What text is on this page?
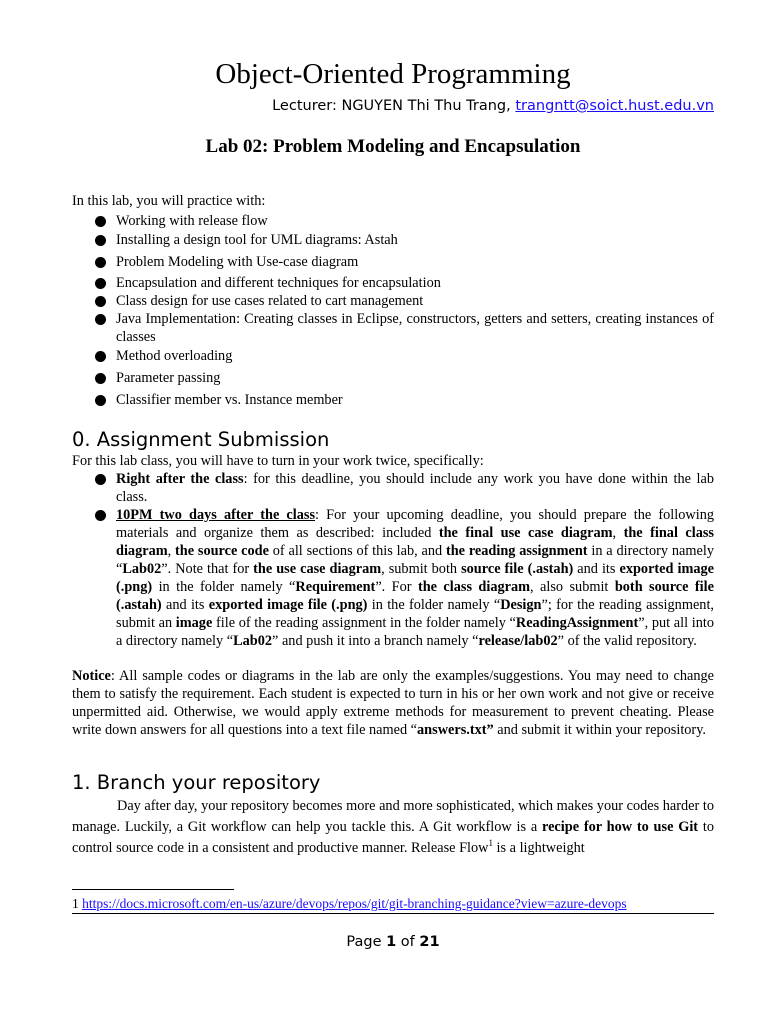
Object-Oriented Programming
Lecturer: NGUYEN Thi Thu Trang, trangntt@soict.hust.edu.vn
Lab 02: Problem Modeling and Encapsulation
In this lab, you will practice with:
Working with release flow
Installing a design tool for UML diagrams: Astah
Problem Modeling with Use-case diagram
Encapsulation and different techniques for encapsulation
Class design for use cases related to cart management
Java Implementation: Creating classes in Eclipse, constructors, getters and setters, creating instances of classes
Method overloading
Parameter passing
Classifier member vs. Instance member
0. Assignment Submission
For this lab class, you will have to turn in your work twice, specifically:
Right after the class: for this deadline, you should include any work you have done within the lab class.
10PM two days after the class: For your upcoming deadline, you should prepare the following materials and organize them as described: included the final use case diagram, the final class diagram, the source code of all sections of this lab, and the reading assignment in a directory namely “Lab02”. Note that for the use case diagram, submit both source file (.astah) and its exported image (.png) in the folder namely “Requirement”. For the class diagram, also submit both source file (.astah) and its exported image file (.png) in the folder namely “Design”; for the reading assignment, submit an image file of the reading assignment in the folder namely “ReadingAssignment”, put all into a directory namely “Lab02” and push it into a branch namely “release/lab02” of the valid repository.
Notice: All sample codes or diagrams in the lab are only the examples/suggestions. You may need to change them to satisfy the requirement. Each student is expected to turn in his or her own work and not give or receive unpermitted aid. Otherwise, we would apply extreme methods for measurement to prevent cheating. Please write down answers for all questions into a text file named “answers.txt” and submit it within your repository.
1. Branch your repository
Day after day, your repository becomes more and more sophisticated, which makes your codes harder to manage. Luckily, a Git workflow can help you tackle this. A Git workflow is a recipe for how to use Git to control source code in a consistent and productive manner. Release Flow$^1$ is a lightweight
1 https://docs.microsoft.com/en-us/azure/devops/repos/git/git-branching-guidance?view=azure-devops
Page 1 of 21
